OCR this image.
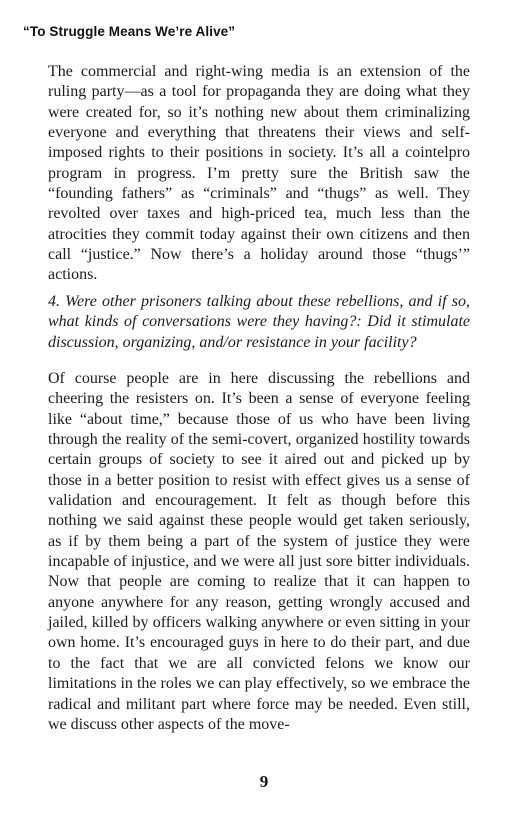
“To Struggle Means We’re Alive”
The commercial and right-wing media is an extension of the ruling party—as a tool for propaganda they are doing what they were created for, so it’s nothing new about them criminalizing everyone and everything that threatens their views and self-imposed rights to their positions in society. It’s all a cointelpro program in progress. I’m pretty sure the British saw the “founding fathers” as “criminals” and “thugs” as well. They revolted over taxes and high-priced tea, much less than the atrocities they commit today against their own citizens and then call “justice.” Now there’s a holiday around those “thugs’” actions.
4. Were other prisoners talking about these rebellions, and if so, what kinds of conversations were they having?: Did it stimulate discussion, organizing, and/or resistance in your facility?
Of course people are in here discussing the rebellions and cheering the resisters on. It’s been a sense of everyone feeling like “about time,” because those of us who have been living through the reality of the semi-covert, organized hostility towards certain groups of society to see it aired out and picked up by those in a better position to resist with effect gives us a sense of validation and encouragement. It felt as though before this nothing we said against these people would get taken seriously, as if by them being a part of the system of justice they were incapable of injustice, and we were all just sore bitter individuals. Now that people are coming to realize that it can happen to anyone anywhere for any reason, getting wrongly accused and jailed, killed by officers walking anywhere or even sitting in your own home. It’s encouraged guys in here to do their part, and due to the fact that we are all convicted felons we know our limitations in the roles we can play effectively, so we embrace the radical and militant part where force may be needed. Even still, we discuss other aspects of the move-
9
